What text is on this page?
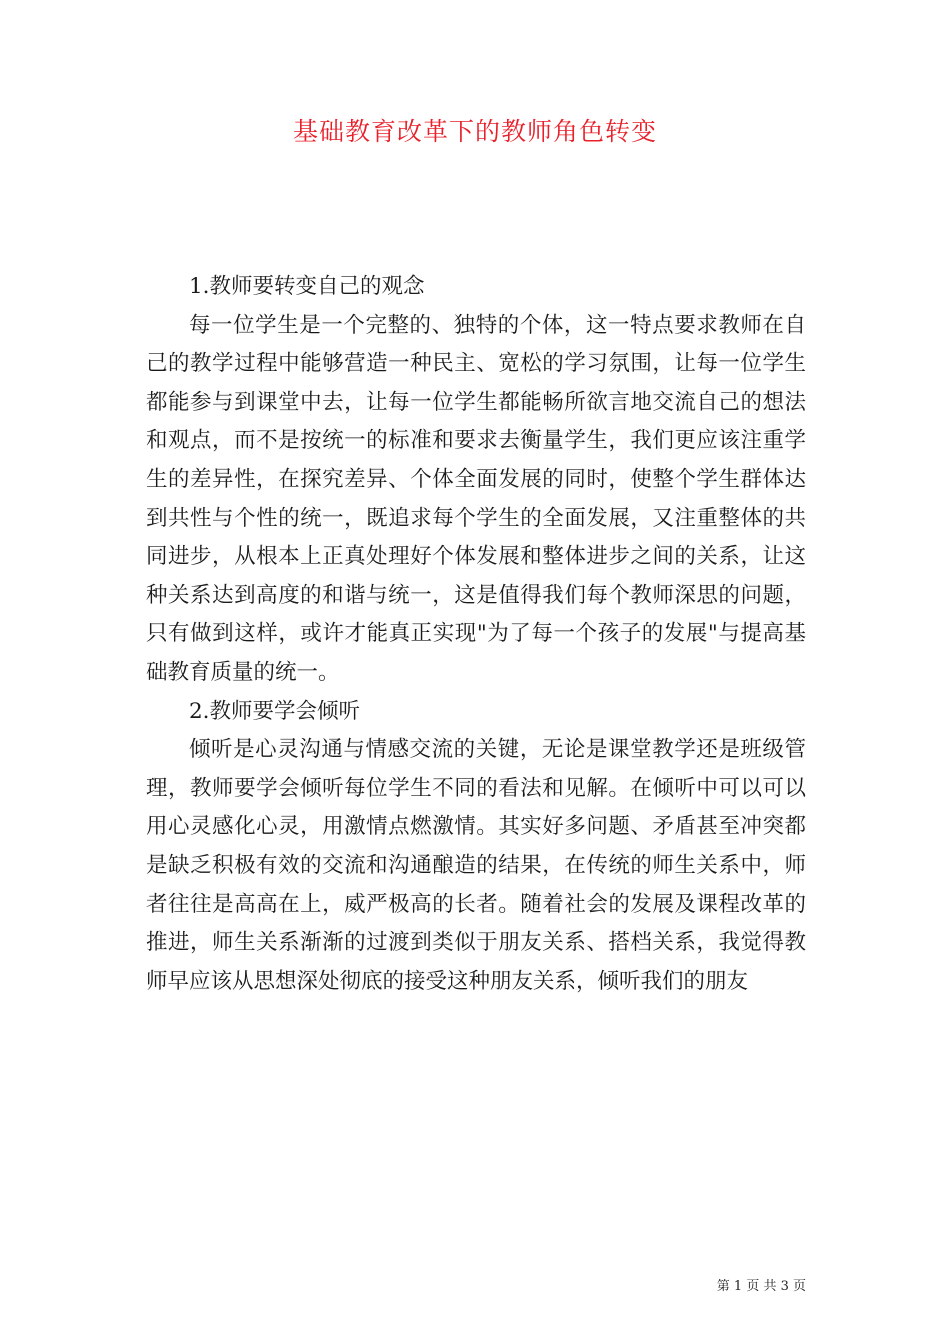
基础教育改革下的教师角色转变

1.教师要转变自己的观念

每一位学生是一个完整的、独特的个体，这一特点要求教师在自己的教学过程中能够营造一种民主、宽松的学习氛围，让每一位学生都能参与到课堂中去，让每一位学生都能畅所欲言地交流自己的想法和观点，而不是按统一的标准和要求去衡量学生，我们更应该注重学生的差异性，在探究差异、个体全面发展的同时，使整个学生群体达到共性与个性的统一，既追求每个学生的全面发展，又注重整体的共同进步，从根本上正真处理好个体发展和整体进步之间的关系，让这种关系达到高度的和谐与统一，这是值得我们每个教师深思的问题，只有做到这样，或许才能真正实现"为了每一个孩子的发展"与提高基础教育质量的统一。

2.教师要学会倾听

倾听是心灵沟通与情感交流的关键，无论是课堂教学还是班级管理，教师要学会倾听每位学生不同的看法和见解。在倾听中可以可以用心灵感化心灵，用激情点燃激情。其实好多问题、矛盾甚至冲突都是缺乏积极有效的交流和沟通酿造的结果，在传统的师生关系中，师者往往是高高在上，威严极高的长者。随着社会的发展及课程改革的推进，师生关系渐渐的过渡到类似于朋友关系、搭档关系，我觉得教师早应该从思想深处彻底的接受这种朋友关系，倾听我们的朋友

第 1 页 共 3 页
